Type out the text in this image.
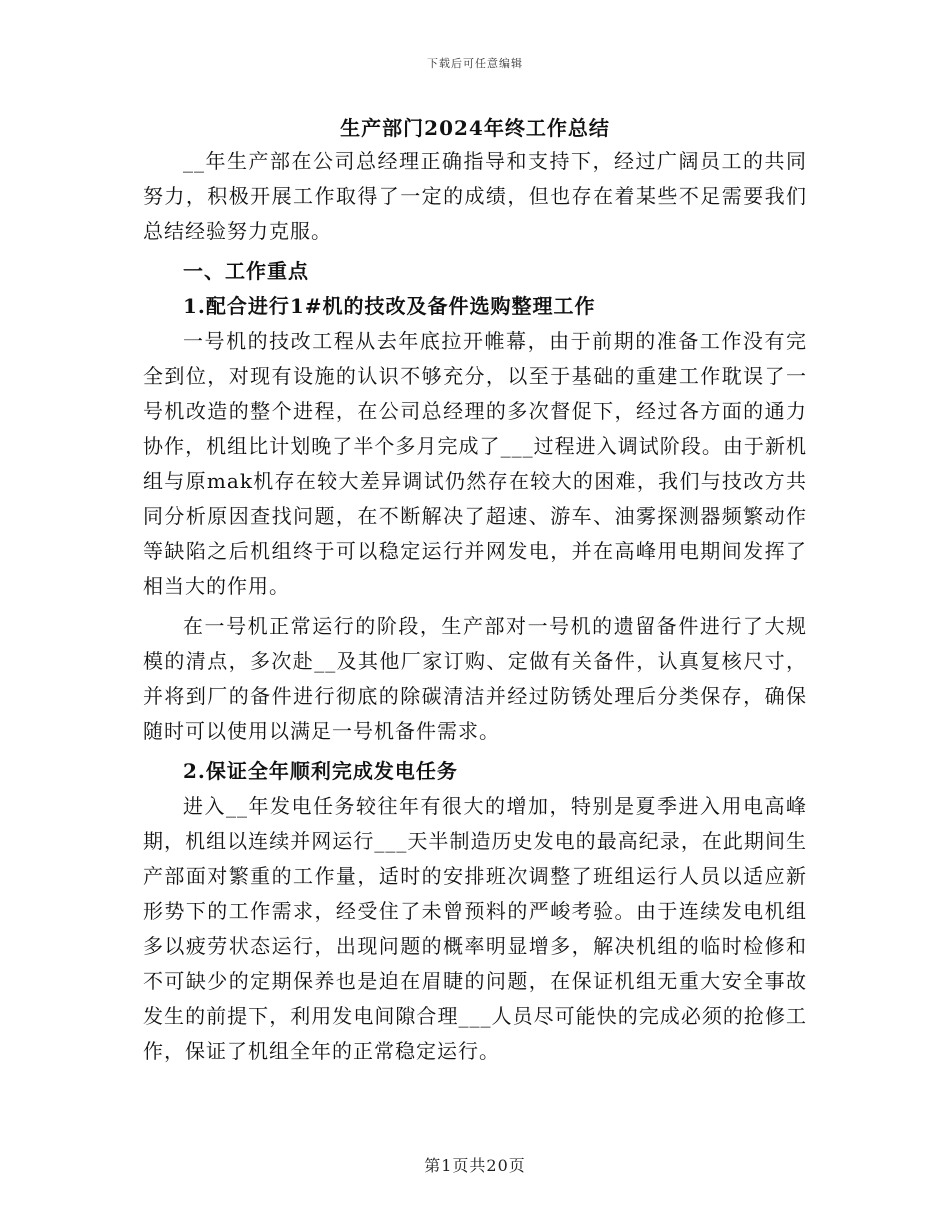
下载后可任意编辑
生产部门2024年终工作总结

__年生产部在公司总经理正确指导和支持下，经过广阔员工的共同努力，积极开展工作取得了一定的成绩，但也存在着某些不足需要我们总结经验努力克服。

一、工作重点

1.配合进行1#机的技改及备件选购整理工作

一号机的技改工程从去年底拉开帷幕，由于前期的准备工作没有完全到位，对现有设施的认识不够充分，以至于基础的重建工作耽误了一号机改造的整个进程，在公司总经理的多次督促下，经过各方面的通力协作，机组比计划晚了半个多月完成了___过程进入调试阶段。由于新机组与原mak机存在较大差异调试仍然存在较大的困难，我们与技改方共同分析原因查找问题，在不断解决了超速、游车、油雾探测器频繁动作等缺陷之后机组终于可以稳定运行并网发电，并在高峰用电期间发挥了相当大的作用。

在一号机正常运行的阶段，生产部对一号机的遗留备件进行了大规模的清点，多次赴__及其他厂家订购、定做有关备件，认真复核尺寸，并将到厂的备件进行彻底的除碳清洁并经过防锈处理后分类保存，确保随时可以使用以满足一号机备件需求。

2.保证全年顺利完成发电任务

进入__年发电任务较往年有很大的增加，特别是夏季进入用电高峰期，机组以连续并网运行___天半制造历史发电的最高纪录，在此期间生产部面对繁重的工作量，适时的安排班次调整了班组运行人员以适应新形势下的工作需求，经受住了未曾预料的严峻考验。由于连续发电机组多以疲劳状态运行，出现问题的概率明显增多，解决机组的临时检修和不可缺少的定期保养也是迫在眉睫的问题，在保证机组无重大安全事故发生的前提下，利用发电间隙合理___人员尽可能快的完成必须的抢修工作，保证了机组全年的正常稳定运行。

第1页共20页
